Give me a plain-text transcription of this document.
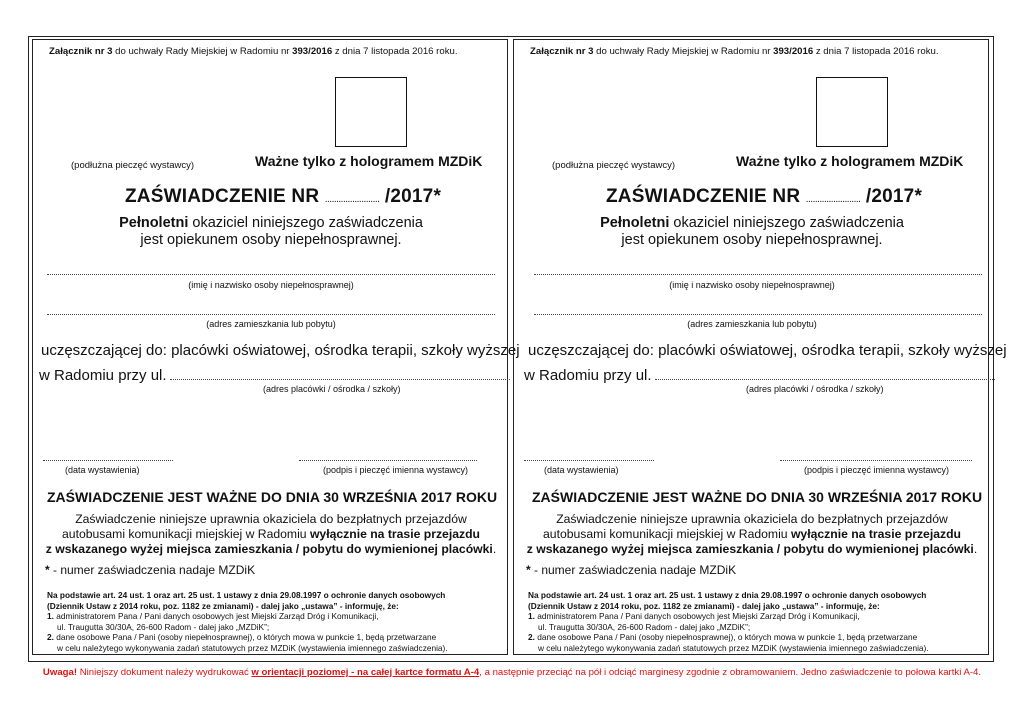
Załącznik nr 3 do uchwały Rady Miejskiej w Radomiu nr 393/2016 z dnia 7 listopada 2016 roku.
(podłużna pieczęć wystawcy)	Ważne tylko z hologramem MZDiK
ZAŚWIADCZENIE NR ........................ /2017*
Pełnoletni okaziciel niniejszego zaświadczenia
jest opiekunem osoby niepełnosprawnej.
(imię i nazwisko osoby niepełnosprawnej)
(adres zamieszkania lub pobytu)
uczęszczającej do: placówki oświatowej, ośrodka terapii, szkoły wyższej
w Radomiu przy ul.
(adres placówki / ośrodka / szkoły)
(data wystawienia)	(podpis i pieczęć imienna wystawcy)
ZAŚWIADCZENIE JEST WAŻNE DO DNIA 30 WRZEŚNIA 2017 ROKU
Zaświadczenie niniejsze uprawnia okaziciela do bezpłatnych przejazdów
autobusami komunikacji miejskiej w Radomiu wyłącznie na trasie przejazdu
z wskazanego wyżej miejsca zamieszkania / pobytu do wymienionej placówki.
* - numer zaświadczenia nadaje MZDiK
Na podstawie art. 24 ust. 1 oraz art. 25 ust. 1 ustawy z dnia 29.08.1997 o ochronie danych osobowych
(Dziennik Ustaw z 2014 roku, poz. 1182 ze zmianami) - dalej jako „ustawa” - informuję, że:
1. administratorem Pana / Pani danych osobowych jest Miejski Zarząd Dróg i Komunikacji,
ul. Traugutta 30/30A, 26-600 Radom - dalej jako „MZDiK”;
2. dane osobowe Pana / Pani (osoby niepełnosprawnej), o których mowa w punkcie 1, będą przetwarzane
w celu należytego wykonywania zadań statutowych przez MZDiK (wystawienia imiennego zaświadczenia).
Załącznik nr 3 do uchwały Rady Miejskiej w Radomiu nr 393/2016 z dnia 7 listopada 2016 roku.
(podłużna pieczęć wystawcy)	Ważne tylko z hologramem MZDiK
ZAŚWIADCZENIE NR ........................ /2017*
Pełnoletni okaziciel niniejszego zaświadczenia
jest opiekunem osoby niepełnosprawnej.
(imię i nazwisko osoby niepełnosprawnej)
(adres zamieszkania lub pobytu)
uczęszczającej do: placówki oświatowej, ośrodka terapii, szkoły wyższej
w Radomiu przy ul.
(adres placówki / ośrodka / szkoły)
(data wystawienia)	(podpis i pieczęć imienna wystawcy)
ZAŚWIADCZENIE JEST WAŻNE DO DNIA 30 WRZEŚNIA 2017 ROKU
Zaświadczenie niniejsze uprawnia okaziciela do bezpłatnych przejazdów
autobusami komunikacji miejskiej w Radomiu wyłącznie na trasie przejazdu
z wskazanego wyżej miejsca zamieszkania / pobytu do wymienionej placówki.
* - numer zaświadczenia nadaje MZDiK
Na podstawie art. 24 ust. 1 oraz art. 25 ust. 1 ustawy z dnia 29.08.1997 o ochronie danych osobowych
(Dziennik Ustaw z 2014 roku, poz. 1182 ze zmianami) - dalej jako „ustawa” - informuję, że:
1. administratorem Pana / Pani danych osobowych jest Miejski Zarząd Dróg i Komunikacji,
ul. Traugutta 30/30A, 26-600 Radom - dalej jako „MZDiK”;
2. dane osobowe Pana / Pani (osoby niepełnosprawnej), o których mowa w punkcie 1, będą przetwarzane
w celu należytego wykonywania zadań statutowych przez MZDiK (wystawienia imiennego zaświadczenia).
Uwaga! Niniejszy dokument należy wydrukować w orientacji poziomej - na całej kartce formatu A-4, a następnie przeciąć na pół i odciąć marginesy zgodnie z obramowaniem. Jedno zaświadczenie to połowa kartki A-4.
